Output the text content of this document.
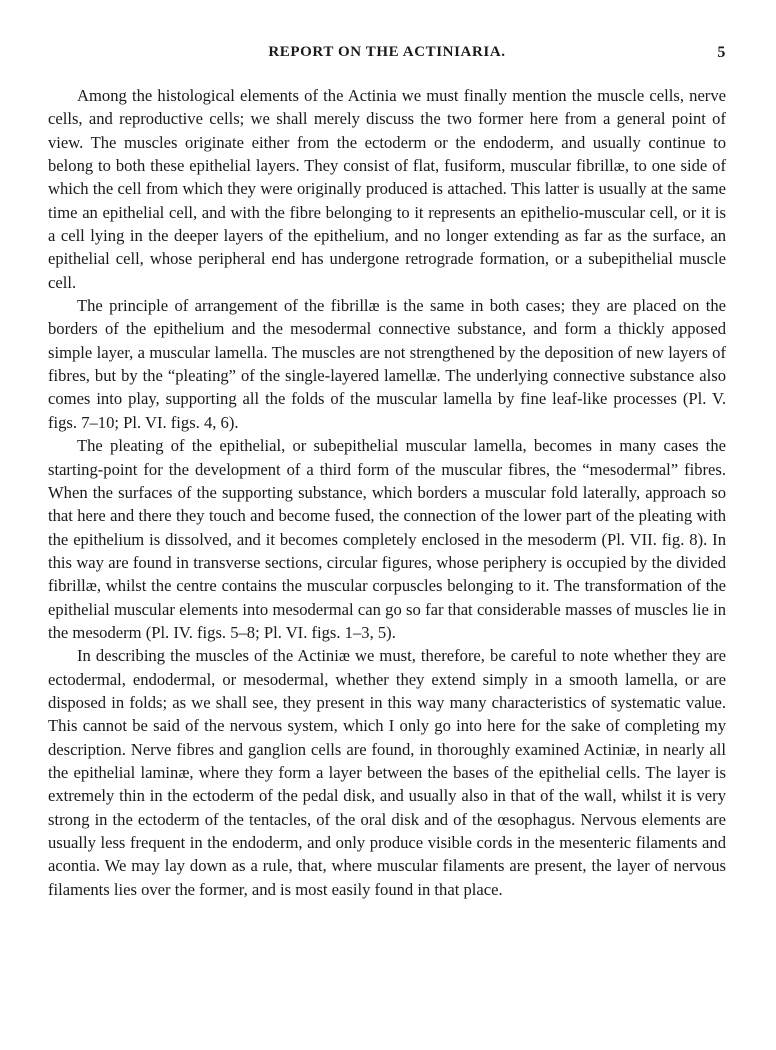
REPORT ON THE ACTINIARIA.	5

Among the histological elements of the Actinia we must finally mention the muscle cells, nerve cells, and reproductive cells; we shall merely discuss the two former here from a general point of view. The muscles originate either from the ectoderm or the endoderm, and usually continue to belong to both these epithelial layers. They consist of flat, fusiform, muscular fibrillæ, to one side of which the cell from which they were originally produced is attached. This latter is usually at the same time an epithelial cell, and with the fibre belonging to it represents an epithelio-muscular cell, or it is a cell lying in the deeper layers of the epithelium, and no longer extending as far as the surface, an epithelial cell, whose peripheral end has undergone retrograde formation, or a subepithelial muscle cell.

The principle of arrangement of the fibrillæ is the same in both cases; they are placed on the borders of the epithelium and the mesodermal connective substance, and form a thickly apposed simple layer, a muscular lamella. The muscles are not strengthened by the deposition of new layers of fibres, but by the “pleating” of the single-layered lamellæ. The underlying connective substance also comes into play, supporting all the folds of the muscular lamella by fine leaf-like processes (Pl. V. figs. 7–10; Pl. VI. figs. 4, 6).

The pleating of the epithelial, or subepithelial muscular lamella, becomes in many cases the starting-point for the development of a third form of the muscular fibres, the “mesodermal” fibres. When the surfaces of the supporting substance, which borders a muscular fold laterally, approach so that here and there they touch and become fused, the connection of the lower part of the pleating with the epithelium is dissolved, and it becomes completely enclosed in the mesoderm (Pl. VII. fig. 8). In this way are found in transverse sections, circular figures, whose periphery is occupied by the divided fibrillæ, whilst the centre contains the muscular corpuscles belonging to it. The transformation of the epithelial muscular elements into mesodermal can go so far that considerable masses of muscles lie in the mesoderm (Pl. IV. figs. 5–8; Pl. VI. figs. 1–3, 5).

In describing the muscles of the Actiniæ we must, therefore, be careful to note whether they are ectodermal, endodermal, or mesodermal, whether they extend simply in a smooth lamella, or are disposed in folds; as we shall see, they present in this way many characteristics of systematic value. This cannot be said of the nervous system, which I only go into here for the sake of completing my description. Nerve fibres and ganglion cells are found, in thoroughly examined Actiniæ, in nearly all the epithelial laminæ, where they form a layer between the bases of the epithelial cells. The layer is extremely thin in the ectoderm of the pedal disk, and usually also in that of the wall, whilst it is very strong in the ectoderm of the tentacles, of the oral disk and of the œsophagus. Nervous elements are usually less frequent in the endoderm, and only produce visible cords in the mesenteric filaments and acontia. We may lay down as a rule, that, where muscular filaments are present, the layer of nervous filaments lies over the former, and is most easily found in that place.
